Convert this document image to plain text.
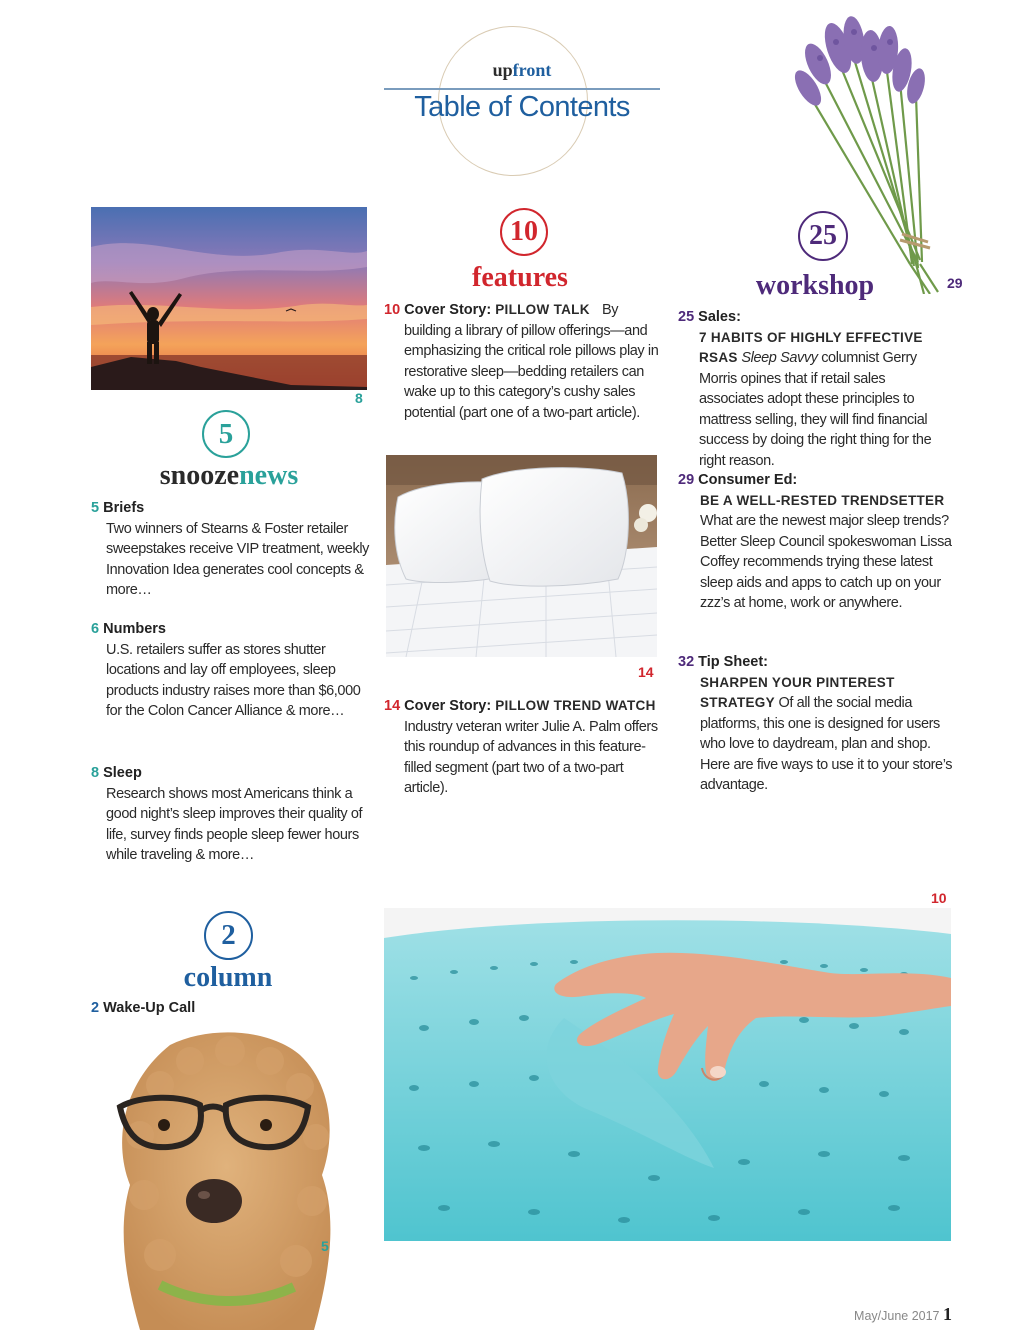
upfront
Table of Contents
8
5
snoozenews
5 Briefs
Two winners of Stearns & Foster retailer sweepstakes receive VIP treatment, weekly Innovation Idea generates cool concepts & more…
6 Numbers
U.S. retailers suffer as stores shutter locations and lay off employees, sleep products industry raises more than $6,000 for the Colon Cancer Alliance & more…
8 Sleep
Research shows most Americans think a good night’s sleep improves their quality of life, survey finds people sleep fewer hours while traveling & more…
10
features
10 Cover Story: PILLOW TALK By building a library of pillow offerings—and emphasizing the critical role pillows play in restorative sleep—bedding retailers can wake up to this category’s cushy sales potential (part one of a two-part article).
14
14 Cover Story: PILLOW TREND WATCH
Industry veteran writer Julie A. Palm offers this roundup of advances in this feature-filled segment (part two of a two-part article).
29
25
workshop
25 Sales:
7 HABITS OF HIGHLY EFFECTIVE RSAS Sleep Savvy columnist Gerry Morris opines that if retail sales associates adopt these principles to mattress selling, they will find financial success by doing the right thing for the right reason.
29 Consumer Ed:
BE A WELL-RESTED TRENDSETTER What are the newest major sleep trends? Better Sleep Council spokeswoman Lissa Coffey recommends trying these latest sleep aids and apps to catch up on your zzz’s at home, work or anywhere.
32 Tip Sheet:
SHARPEN YOUR PINTEREST STRATEGY Of all the social media platforms, this one is designed for users who love to daydream, plan and shop. Here are five ways to use it to your store’s advantage.
2
column
2 Wake-Up Call
5
10
May/June 2017 1
